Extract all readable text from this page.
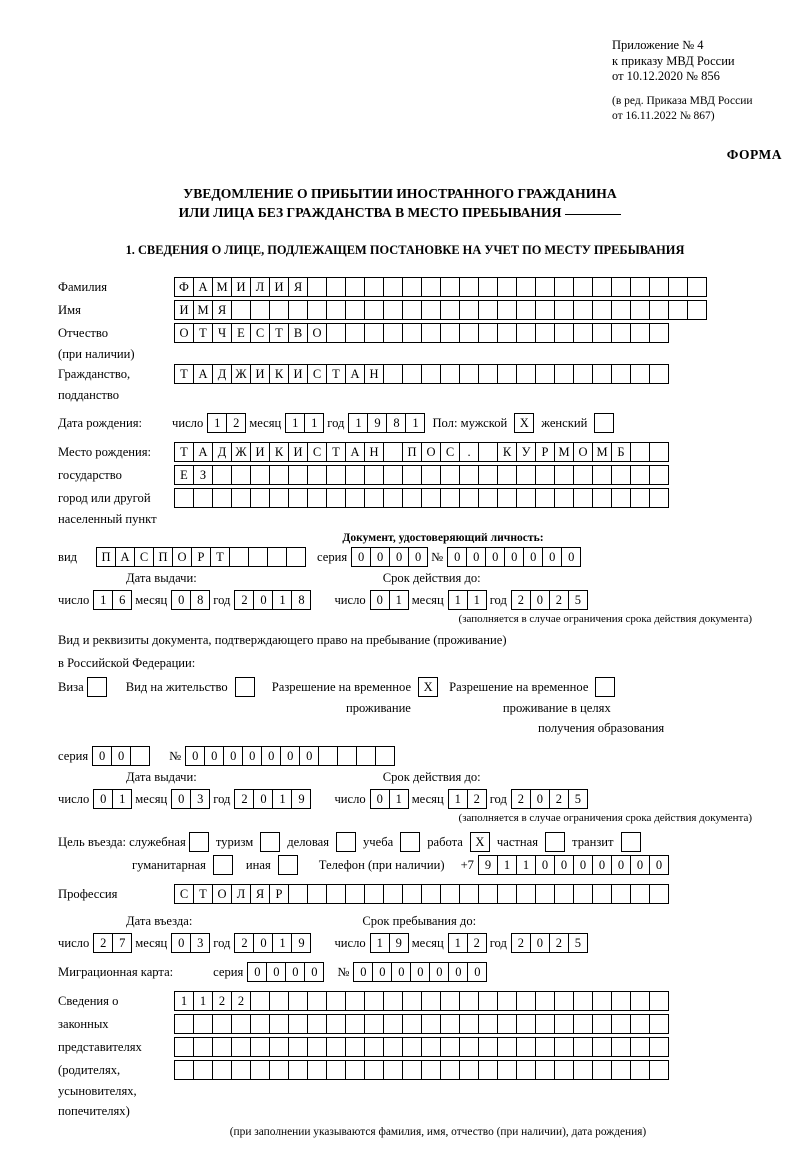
Приложение № 4
к приказу МВД России
от 10.12.2020 № 856
(в ред. Приказа МВД России
от 16.11.2022 № 867)
ФОРМА
УВЕДОМЛЕНИЕ О ПРИБЫТИИ ИНОСТРАННОГО ГРАЖДАНИНА
ИЛИ ЛИЦА БЕЗ ГРАЖДАНСТВА В МЕСТО ПРЕБЫВАНИЯ
1. СВЕДЕНИЯ О ЛИЦЕ, ПОДЛЕЖАЩЕМ ПОСТАНОВКЕ НА УЧЕТ ПО МЕСТУ ПРЕБЫВАНИЯ
Фамилия	Ф А М И Л И Я
Имя	И М Я
Отчество	О Т Ч Е С Т В О
(при наличии)
Гражданство,	Т А Д Ж И К И С Т А Н
подданство
Дата рождения:	число 1	2 месяц 1	1 год 1	9	8	1	Пол: мужской X женский
Место рождения:	Т А Д Ж И К И С Т А Н	П О С	.	К У Р М О М Б
государство	Е З
город или другой
населенный пункт
Документ, удостоверяющий личность:
вид	П А С П О Р Т	серия 0	0	0	0 № 0	0	0	0	0	0	0
Дата выдачи:	Срок действия до:
число 1	6 месяц 0	8 год 2	0	1	8	число 0	1 месяц 1	1 год 2	0	2	5
(заполняется в случае ограничения срока действия документа)
Вид и реквизиты документа, подтверждающего право на пребывание (проживание)
в Российской Федерации:
Виза	Вид на жительство	Разрешение на временное X	Разрешение на временное
проживание	проживание в целях
получения образования
серия 0	0	№ 0	0	0	0	0	0	0
Дата выдачи:	Срок действия до:
число 0	1 месяц 0	3 год 2	0	1	9	число 0	1 месяц 1	2 год 2	0	2	5
(заполняется в случае ограничения срока действия документа)
Цель въезда: служебная туризм	деловая	учеба	работа X частная	транзит
гуманитарная	иная	Телефон (при наличии) +7 9	1	1	0	0	0	0	0	0	0
Профессия	С Т О Л Я Р
Дата въезда:	Срок пребывания до:
число 2	7 месяц 0	3 год 2	0	1	9	число 1	9 месяц 1	2 год 2	0	2	5
Миграционная карта:	серия 0	0	0	0	№ 0	0	0	0	0	0	0
Сведения о	1	1	2	2
законных
представителях
(родителях,
усыновителях,
попечителях)
(при заполнении указываются фамилия, имя, отчество (при наличии), дата рождения)
